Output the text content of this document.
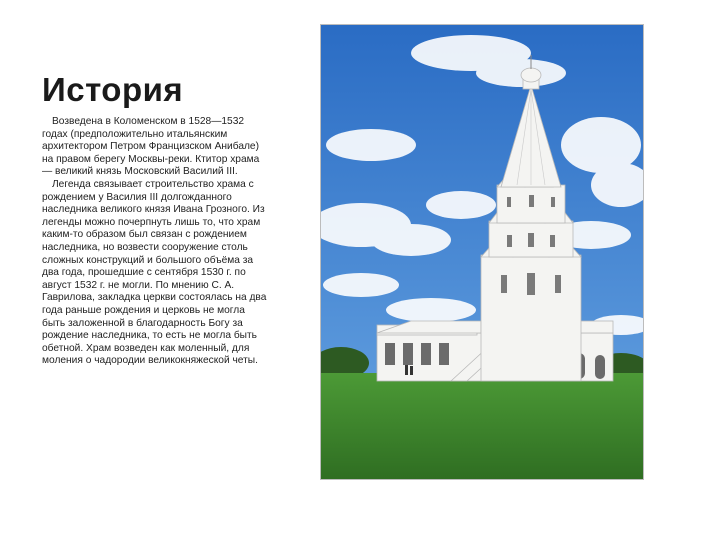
История

Возведена в Коломенском в 1528—1532 годах (предположительно итальянским архитектором Петром Францизском Анибале) на правом берегу Москвы-реки. Ктитор храма — великий князь Московский Василий III.

Легенда связывает строительство храма с рождением у Василия III долгожданного наследника великого князя Ивана Грозного. Из легенды можно почерпнуть лишь то, что храм каким-то образом был связан с рождением наследника, но возвести сооружение столь сложных конструкций и большого объёма за два года, прошедшие с сентября 1530 г. по август 1532 г. не могли. По мнению С. А. Гаврилова, закладка церкви состоялась на два года раньше рождения и церковь не могла быть заложенной в благодарность Богу за рождение наследника, то есть не могла быть обетной. Храм возведен как моленный, для моления о чадородии великокняжеской четы.
